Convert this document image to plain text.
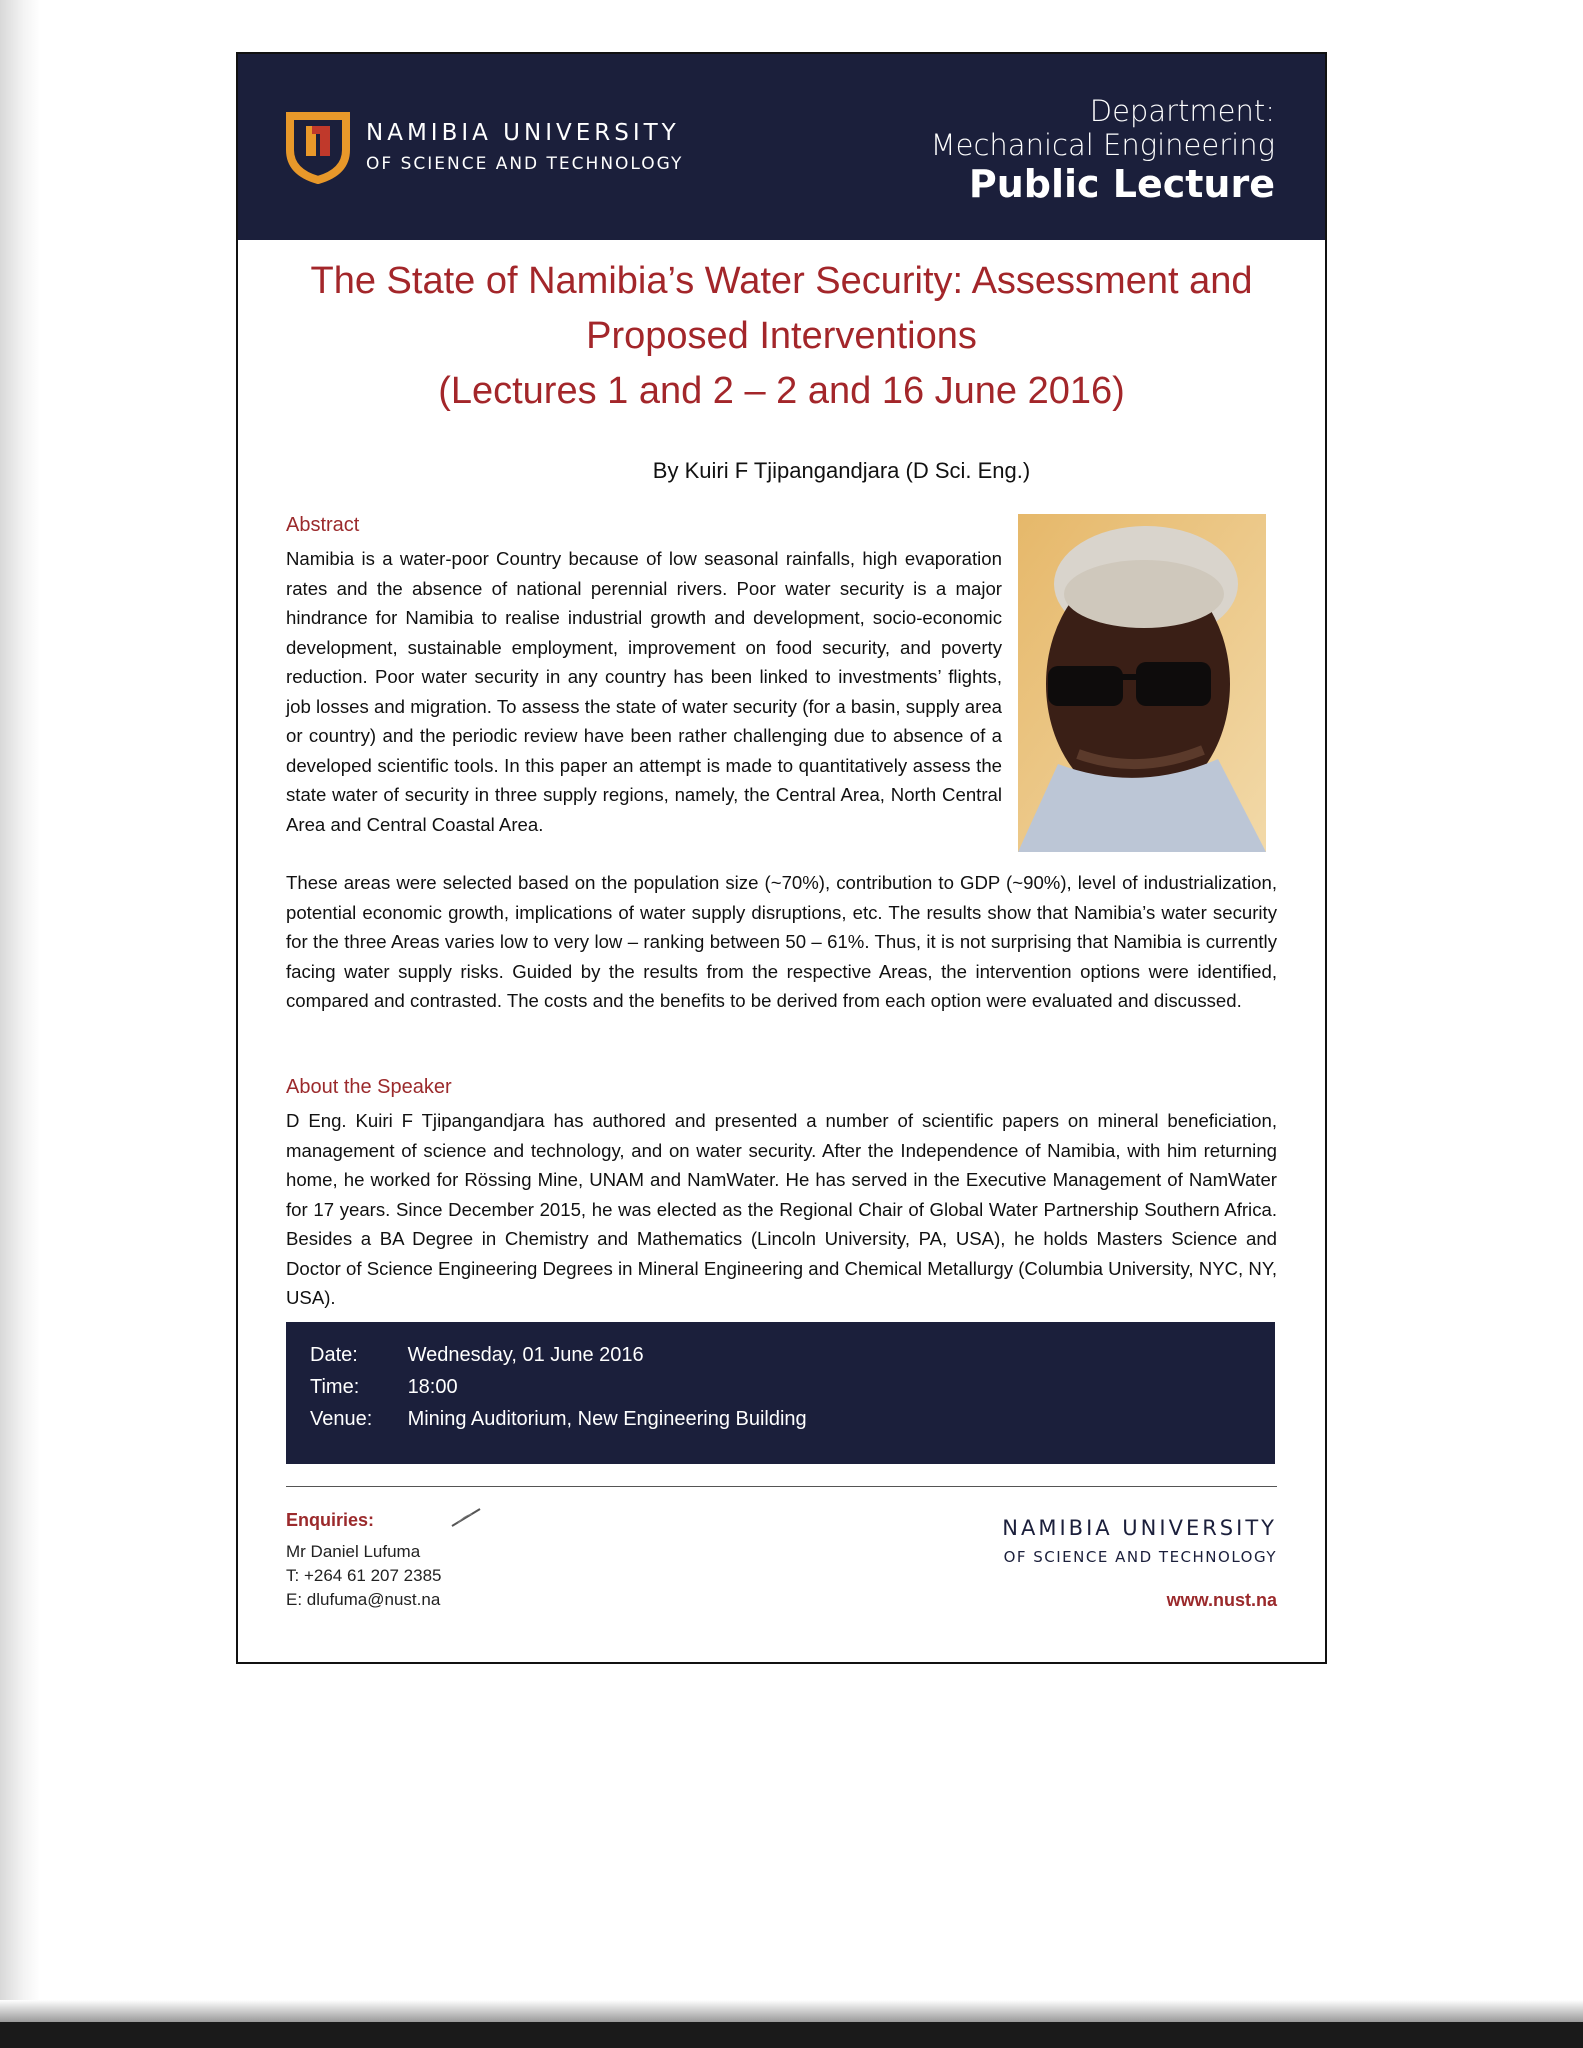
NAMIBIA UNIVERSITY
OF SCIENCE AND TECHNOLOGY
Department:
Mechanical Engineering
Public Lecture
The State of Namibia’s Water Security: Assessment and
Proposed Interventions
(Lectures 1 and 2 – 2 and 16 June 2016)
By Kuiri F Tjipangandjara (D Sci. Eng.)
Abstract
Namibia is a water-poor Country because of low seasonal rainfalls, high evaporation rates and the absence of national perennial rivers. Poor water security is a major hindrance for Namibia to realise industrial growth and development, socio-economic development, sustainable employment, improvement on food security, and poverty reduction. Poor water security in any country has been linked to investments’ flights, job losses and migration. To assess the state of water security (for a basin, supply area or country) and the periodic review have been rather challenging due to absence of a developed scientific tools. In this paper an attempt is made to quantitatively assess the state water of security in three supply regions, namely, the Central Area, North Central Area and Central Coastal Area.
These areas were selected based on the population size (~70%), contribution to GDP (~90%), level of industrialization, potential economic growth, implications of water supply disruptions, etc. The results show that Namibia’s water security for the three Areas varies low to very low – ranking between 50 – 61%. Thus, it is not surprising that Namibia is currently facing water supply risks. Guided by the results from the respective Areas, the intervention options were identified, compared and contrasted. The costs and the benefits to be derived from each option were evaluated and discussed.
About the Speaker
D Eng. Kuiri F Tjipangandjara has authored and presented a number of scientific papers on mineral beneficiation, management of science and technology, and on water security. After the Independence of Namibia, with him returning home, he worked for Rössing Mine, UNAM and NamWater. He has served in the Executive Management of NamWater for 17 years. Since December 2015, he was elected as the Regional Chair of Global Water Partnership Southern Africa. Besides a BA Degree in Chemistry and Mathematics (Lincoln University, PA, USA), he holds Masters Science and Doctor of Science Engineering Degrees in Mineral Engineering and Chemical Metallurgy (Columbia University, NYC, NY, USA).
Date: Wednesday, 01 June 2016
Time: 18:00
Venue: Mining Auditorium, New Engineering Building
Enquiries:
Mr Daniel Lufuma
T: +264 61 207 2385
E: dlufuma@nust.na
NAMIBIA UNIVERSITY
OF SCIENCE AND TECHNOLOGY
www.nust.na
